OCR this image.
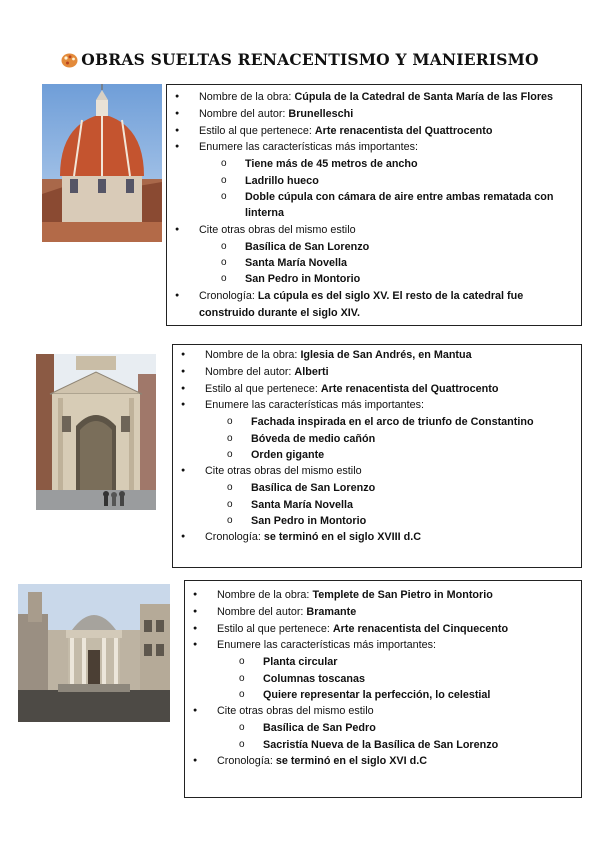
OBRAS SUELTAS RENACENTISMO Y MANIERISMO
● Nombre de la obra: Cúpula de la Catedral de Santa María de las Flores
● Nombre del autor: Brunelleschi
● Estilo al que pertenece: Arte renacentista del Quattrocento
● Enumere las características más importantes:
o Tiene más de 45 metros de ancho
o Ladrillo hueco
o Doble cúpula con cámara de aire entre ambas rematada con linterna
● Cite otras obras del mismo estilo
o Basílica de San Lorenzo
o Santa María Novella
o San Pedro in Montorio
● Cronología: La cúpula es del siglo XV. El resto de la catedral fue construido durante el siglo XIV.
● Nombre de la obra: Iglesia de San Andrés, en Mantua
● Nombre del autor: Alberti
● Estilo al que pertenece: Arte renacentista del Quattrocento
● Enumere las características más importantes:
o Fachada inspirada en el arco de triunfo de Constantino
o Bóveda de medio cañón
o Orden gigante
● Cite otras obras del mismo estilo
o Basílica de San Lorenzo
o Santa María Novella
o San Pedro in Montorio
● Cronología: se terminó en el siglo XVIII d.C
● Nombre de la obra: Templete de San Pietro in Montorio
● Nombre del autor: Bramante
● Estilo al que pertenece: Arte renacentista del Cinquecento
● Enumere las características más importantes:
o Planta circular
o Columnas toscanas
o Quiere representar la perfección, lo celestial
● Cite otras obras del mismo estilo
o Basílica de San Pedro
o Sacristía Nueva de la Basílica de San Lorenzo
● Cronología: se terminó en el siglo XVI d.C
